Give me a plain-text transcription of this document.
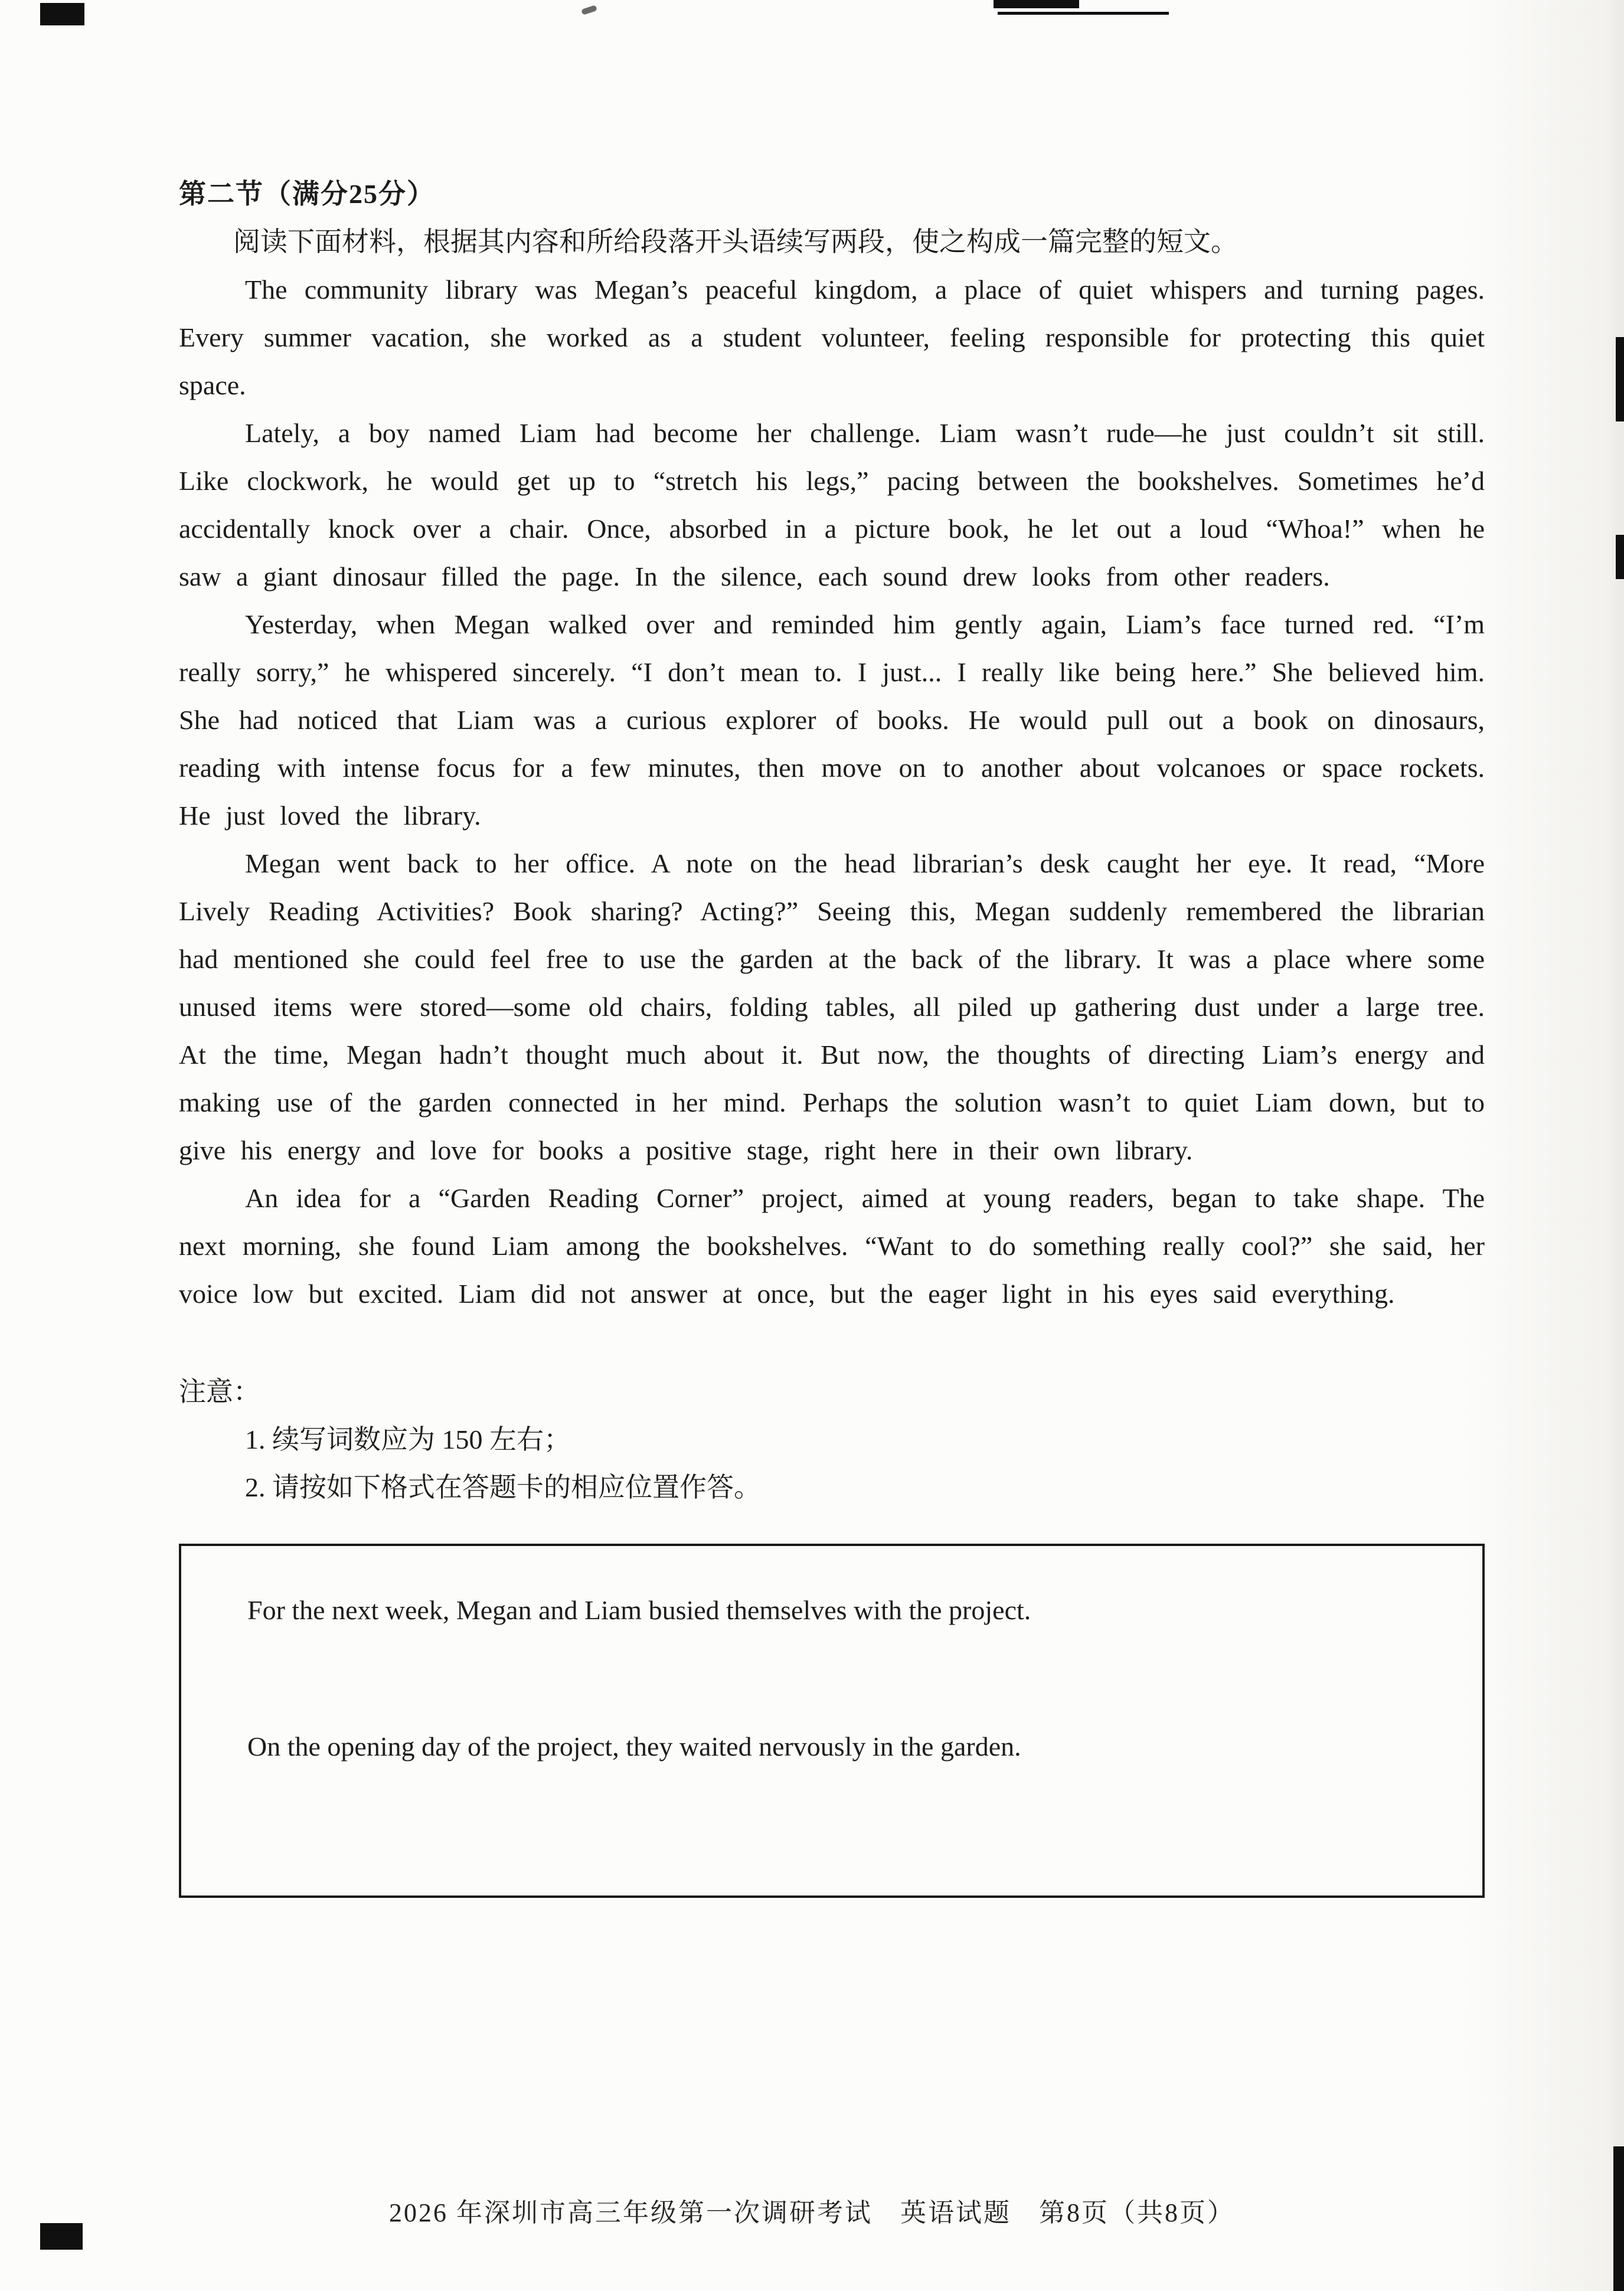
第二节（满分25分）

阅读下面材料，根据其内容和所给段落开头语续写两段，使之构成一篇完整的短文。

The community library was Megan’s peaceful kingdom, a place of quiet whispers and turning pages. Every summer vacation, she worked as a student volunteer, feeling responsible for protecting this quiet space.

Lately, a boy named Liam had become her challenge. Liam wasn’t rude—he just couldn’t sit still. Like clockwork, he would get up to “stretch his legs,” pacing between the bookshelves. Sometimes he’d accidentally knock over a chair. Once, absorbed in a picture book, he let out a loud “Whoa!” when he saw a giant dinosaur filled the page. In the silence, each sound drew looks from other readers.

Yesterday, when Megan walked over and reminded him gently again, Liam’s face turned red. “I’m really sorry,” he whispered sincerely. “I don’t mean to. I just... I really like being here.” She believed him. She had noticed that Liam was a curious explorer of books. He would pull out a book on dinosaurs, reading with intense focus for a few minutes, then move on to another about volcanoes or space rockets. He just loved the library.

Megan went back to her office. A note on the head librarian’s desk caught her eye. It read, “More Lively Reading Activities? Book sharing? Acting?” Seeing this, Megan suddenly remembered the librarian had mentioned she could feel free to use the garden at the back of the library. It was a place where some unused items were stored—some old chairs, folding tables, all piled up gathering dust under a large tree. At the time, Megan hadn’t thought much about it. But now, the thoughts of directing Liam’s energy and making use of the garden connected in her mind. Perhaps the solution wasn’t to quiet Liam down, but to give his energy and love for books a positive stage, right here in their own library.

An idea for a “Garden Reading Corner” project, aimed at young readers, began to take shape. The next morning, she found Liam among the bookshelves. “Want to do something really cool?” she said, her voice low but excited. Liam did not answer at once, but the eager light in his eyes said everything.

注意：

1. 续写词数应为 150 左右；

2. 请按如下格式在答题卡的相应位置作答。

For the next week, Megan and Liam busied themselves with the project.

On the opening day of the project, they waited nervously in the garden.

2026 年深圳市高三年级第一次调研考试　英语试题　第8页（共8页）
